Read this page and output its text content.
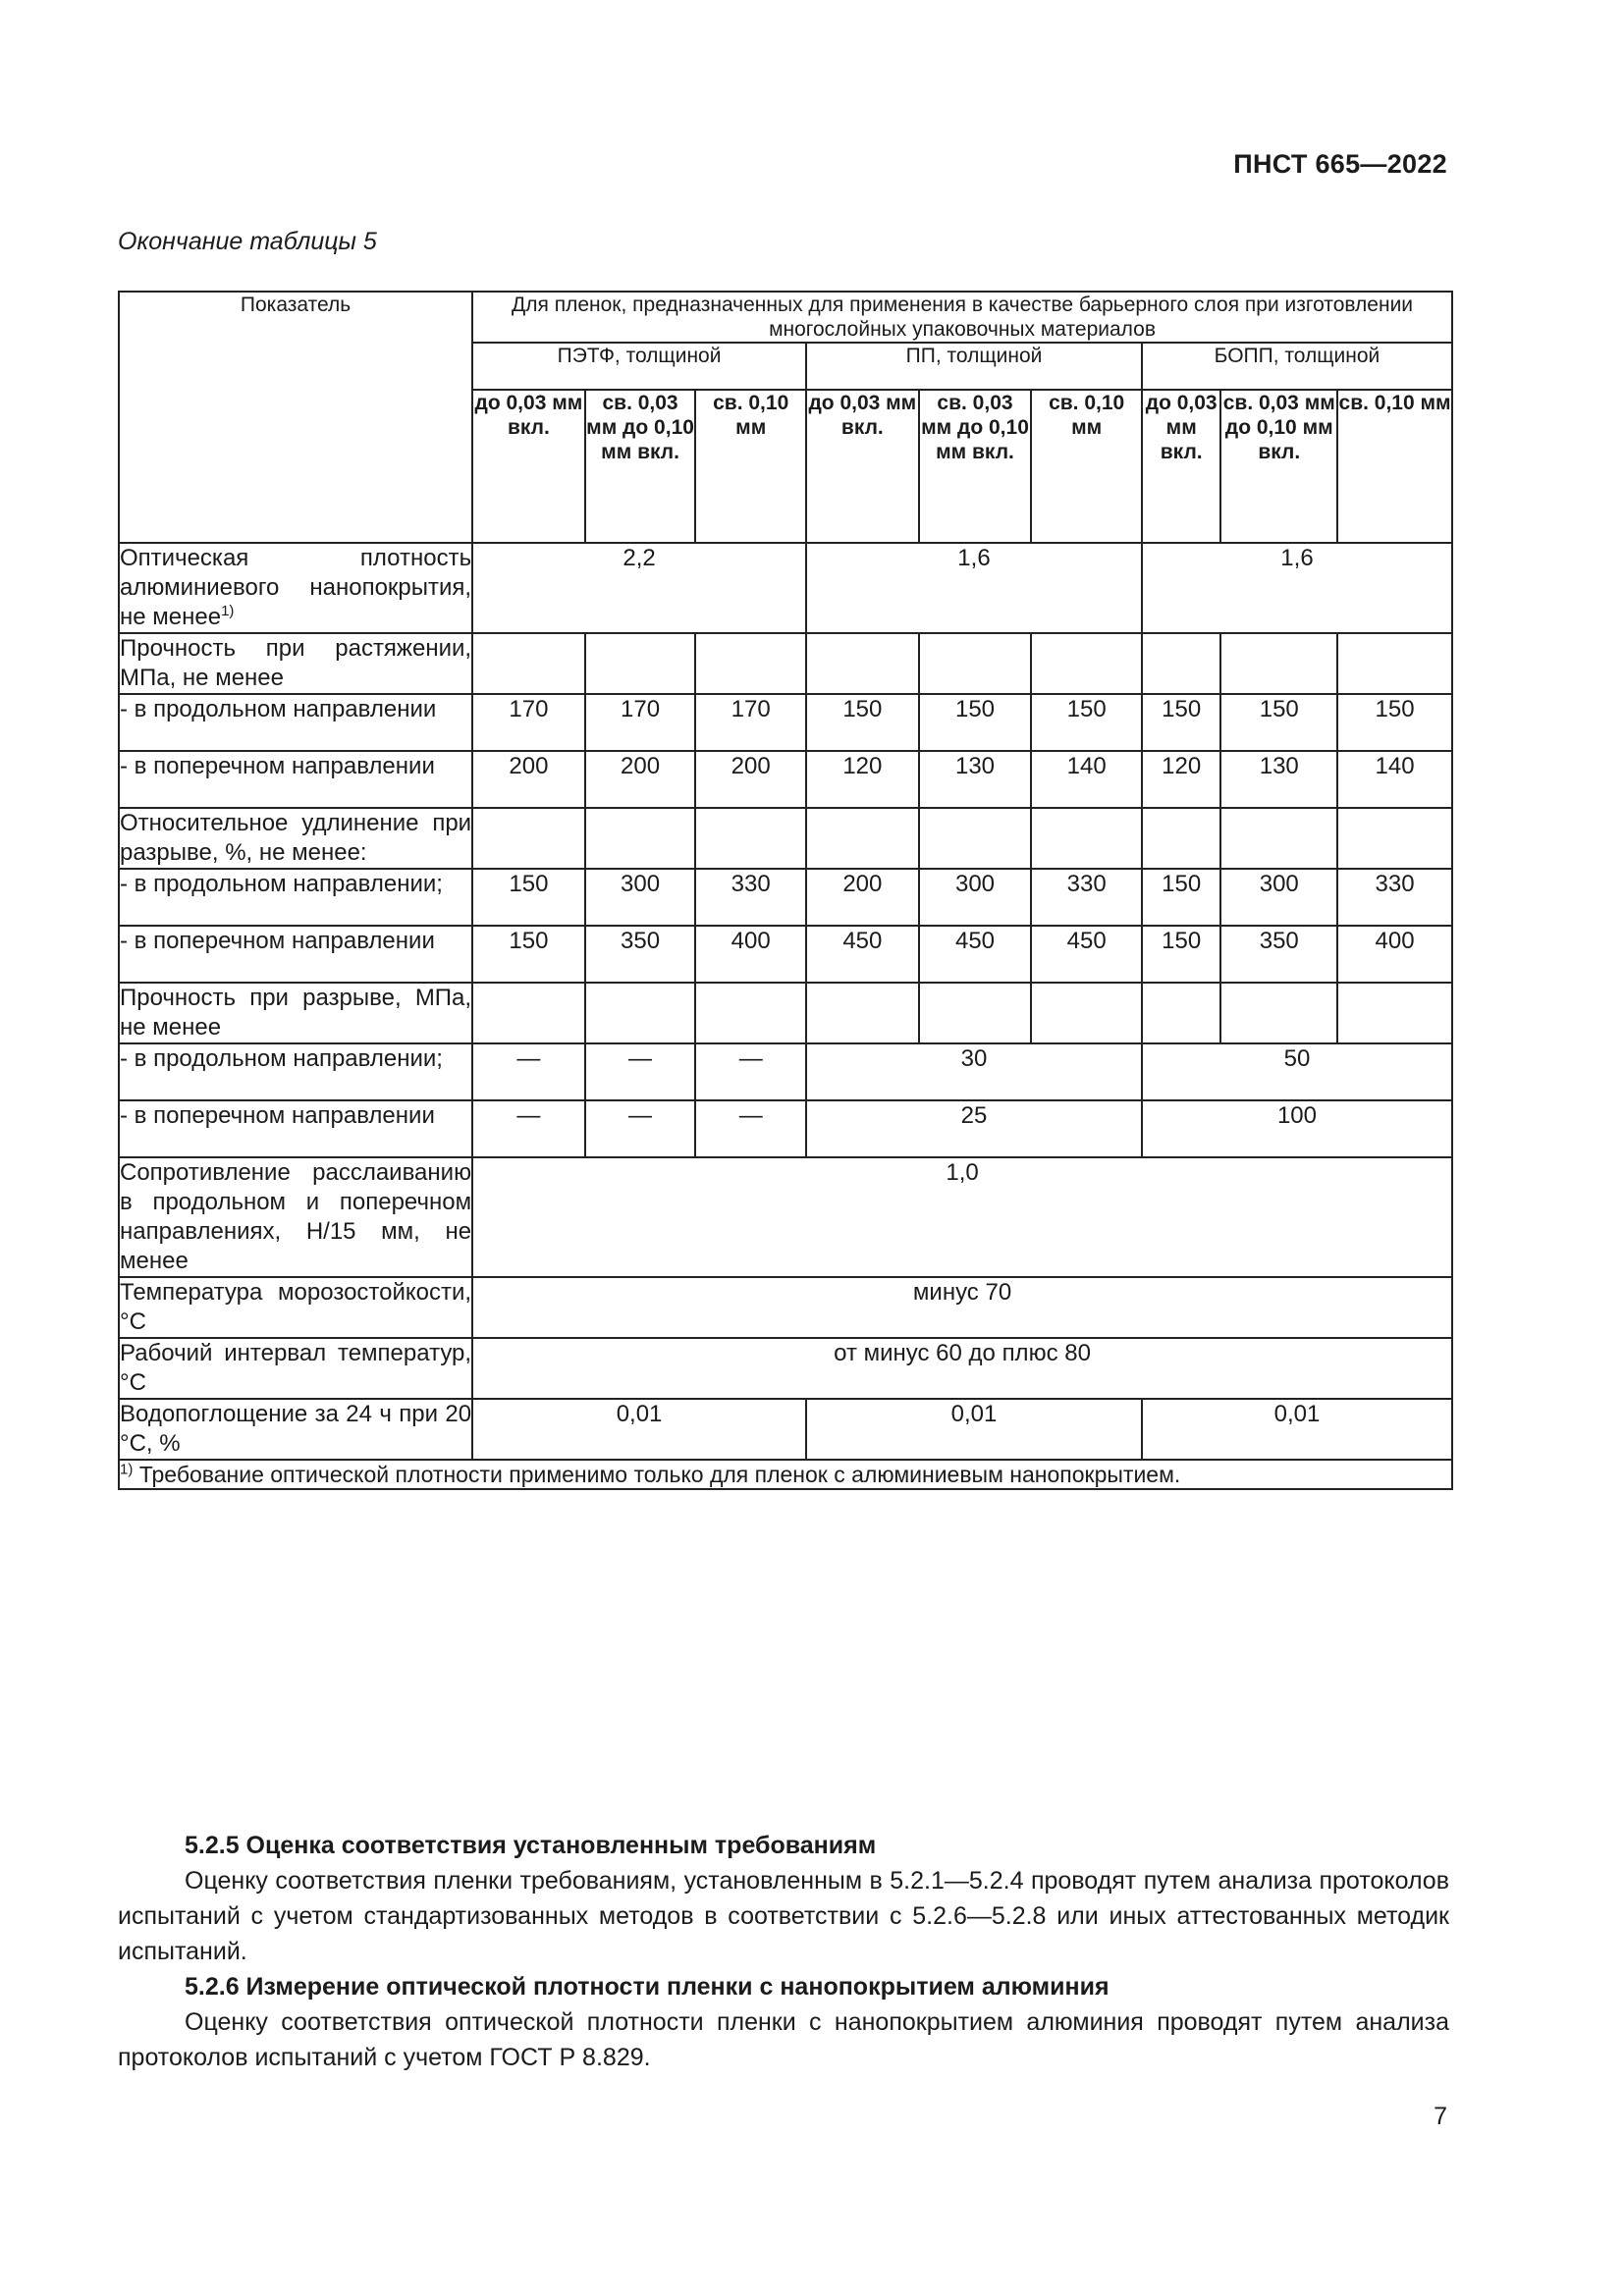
ПНСТ 665—2022
Окончание таблицы 5
Показатель	Для пленок, предназначенных для применения в качестве барьерного слоя при изготовлении многослойных упаковочных материалов								
	ПЭТФ, толщиной			ПП, толщиной			БОПП, толщиной		
	до 0,03 мм вкл.	св. 0,03 мм до 0,10 мм вкл.	св. 0,10 мм	до 0,03 мм вкл.	св. 0,03 мм до 0,10 мм вкл.	св. 0,10 мм	до 0,03 мм вкл.	св. 0,03 мм до 0,10 мм вкл.	св. 0,10 мм
Оптическая плотность алюминиевого нанопокрытия, не менее$^{1)}$	2,2			1,6			1,6		
Прочность при растяжении, МПа, не менее									
- в продольном направлении	170	170	170	150	150	150	150	150	150
- в поперечном направлении	200	200	200	120	130	140	120	130	140
Относительное удлинение при разрыве, %, не менее:									
- в продольном направлении;	150	300	330	200	300	330	150	300	330
- в поперечном направлении	150	350	400	450	450	450	150	350	400
Прочность при разрыве, МПа, не менее									
- в продольном направлении;	—	—	—	30			50		
- в поперечном направлении	—	—	—	25			100		
Сопротивление расслаиванию в продольном и поперечном направлениях, Н/15 мм, не менее	1,0								
Температура морозостойкости, °С	минус 70								
Рабочий интервал температур, °С	от минус 60 до плюс 80								
Водопоглощение за 24 ч при 20 °С, %	0,01			0,01			0,01		
$^{1)}$ Требование оптической плотности применимо только для пленок с алюминиевым нанопокрытием.									
5.2.5 Оценка соответствия установленным требованиям

Оценку соответствия пленки требованиям, установленным в 5.2.1—5.2.4 проводят путем анализа протоколов испытаний с учетом стандартизованных методов в соответствии с 5.2.6—5.2.8 или иных аттестованных методик испытаний.

5.2.6 Измерение оптической плотности пленки с нанопокрытием алюминия

Оценку соответствия оптической плотности пленки с нанопокрытием алюминия проводят путем анализа протоколов испытаний с учетом ГОСТ Р 8.829.

7
